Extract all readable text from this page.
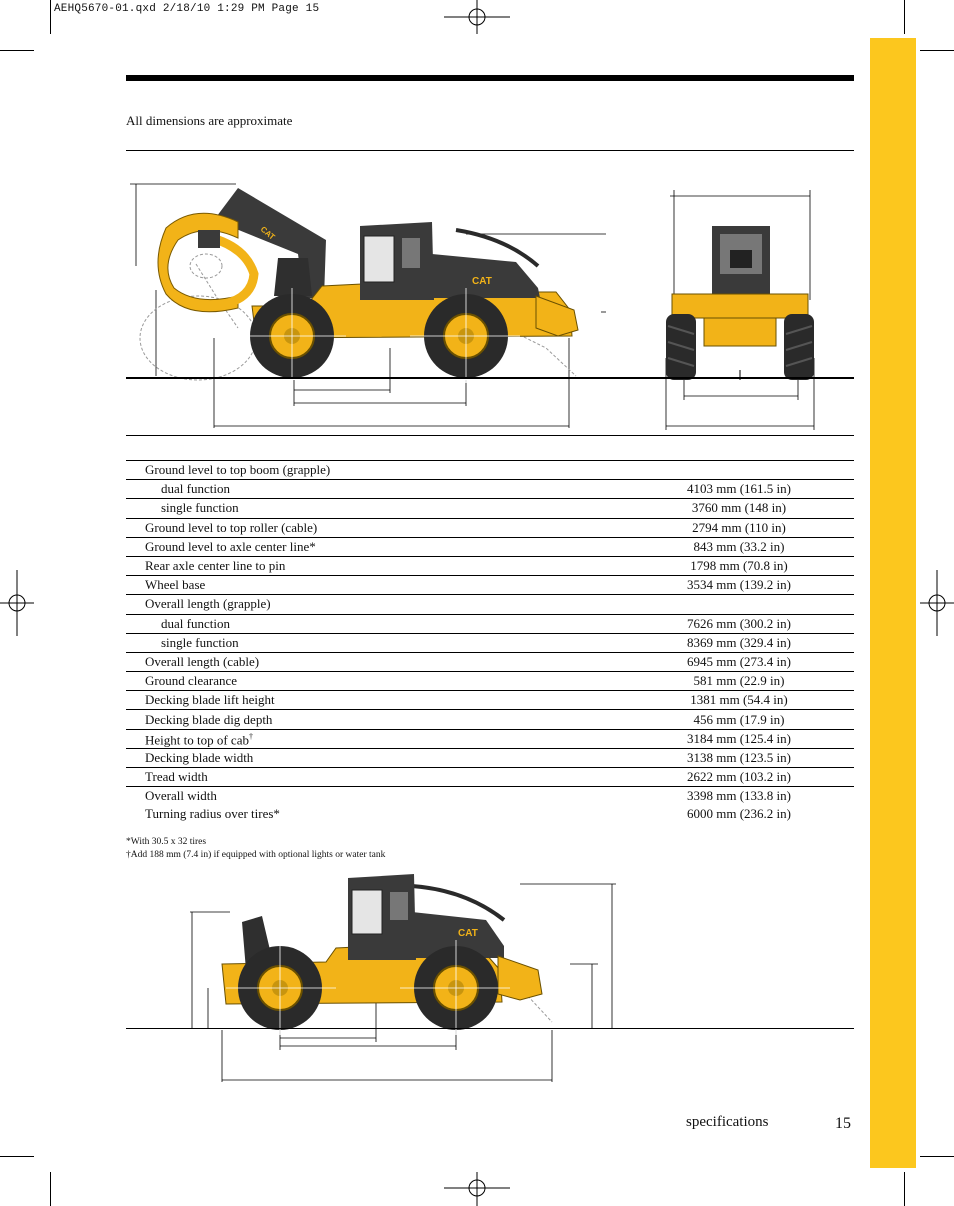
AEHQ5670-01.qxd 2/18/10 1:29 PM Page 15
All dimensions are approximate
CAT
CAT
Ground level to top boom (grapple)	
dual function	4103 mm (161.5 in)
single function	3760 mm (148 in)
Ground level to top roller (cable)	2794 mm (110 in)
Ground level to axle center line*	843 mm (33.2 in)
Rear axle center line to pin	1798 mm (70.8 in)
Wheel base	3534 mm (139.2 in)
Overall length (grapple)	
dual function	7626 mm (300.2 in)
single function	8369 mm (329.4 in)
Overall length (cable)	6945 mm (273.4 in)
Ground clearance	581 mm (22.9 in)
Decking blade lift height	1381 mm (54.4 in)
Decking blade dig depth	456 mm (17.9 in)
Height to top of cab†	3184 mm (125.4 in)
Decking blade width	3138 mm (123.5 in)
Tread width	2622 mm (103.2 in)
Overall width	3398 mm (133.8 in)
Turning radius over tires*	6000 mm (236.2 in)
*With 30.5 x 32 tires
†Add 188 mm (7.4 in) if equipped with optional lights or water tank
CAT
specifications	15
